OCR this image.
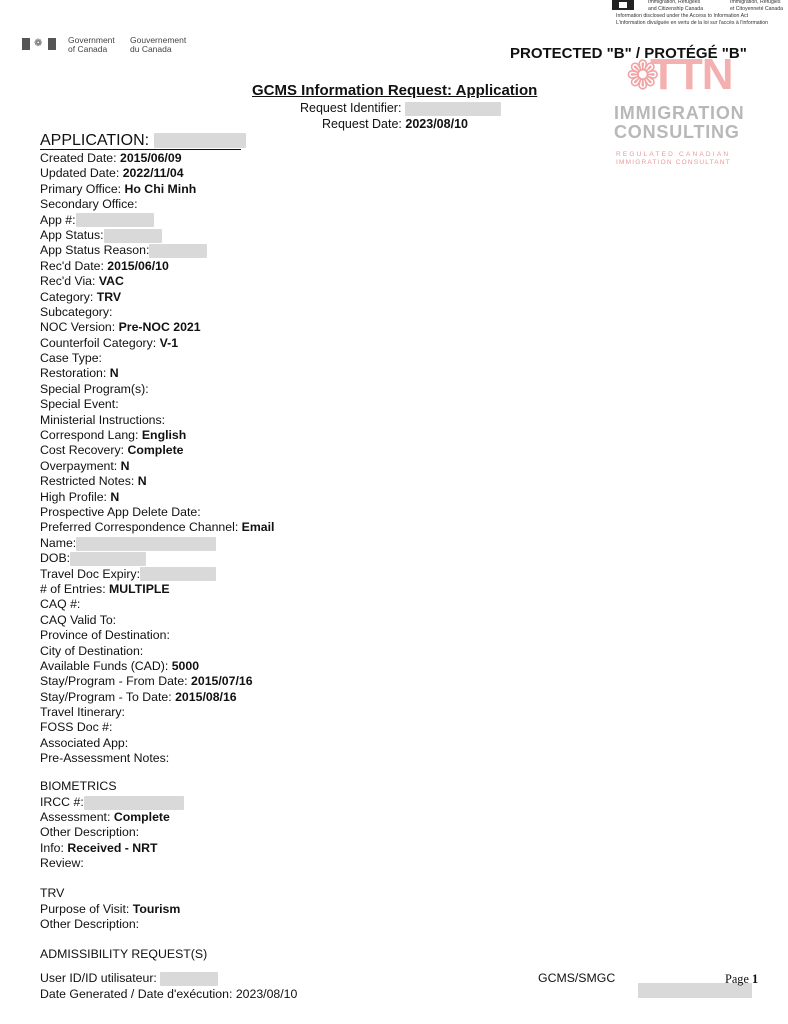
Immigration, Refugees	Immigration, Réfugiés
and Citizenship Canada	et Citoyenneté Canada
Information disclosed under the Access to Information Act
L'information divulguée en vertu de la loi sur l'accès à l'information
❁	Government
of Canada
Gouvernement
du Canada	PROTECTED "B" / PROTÉGÉ "B"
❁
TTN
IMMIGRATION
CONSULTING
REGULATED CANADIAN
IMMIGRATION CONSULTANT
GCMS Information Request: Application
Request Identifier:
Request Date: 2023/08/10
APPLICATION:
Created Date: 2015/06/09
Updated Date: 2022/11/04
Primary Office: Ho Chi Minh
Secondary Office:
App #:
App Status:
App Status Reason:
Rec'd Date: 2015/06/10
Rec'd Via: VAC
Category: TRV
Subcategory:
NOC Version: Pre-NOC 2021
Counterfoil Category: V-1
Case Type:
Restoration: N
Special Program(s):
Special Event:
Ministerial Instructions:
Correspond Lang: English
Cost Recovery: Complete
Overpayment: N
Restricted Notes: N
High Profile: N
Prospective App Delete Date:
Preferred Correspondence Channel: Email
Name:
DOB:
Travel Doc Expiry:
# of Entries: MULTIPLE
CAQ #:
CAQ Valid To:
Province of Destination:
City of Destination:
Available Funds (CAD): 5000
Stay/Program - From Date: 2015/07/16
Stay/Program - To Date: 2015/08/16
Travel Itinerary:
FOSS Doc #:
Associated App:
Pre-Assessment Notes:
BIOMETRICS
IRCC #:
Assessment: Complete
Other Description:
Info: Received - NRT
Review:
TRV
Purpose of Visit: Tourism
Other Description:
ADMISSIBILITY REQUEST(S)
User ID/ID utilisateur:
Date Generated / Date d'exécution: 2023/08/10
GCMS/SMGC	Page 1
